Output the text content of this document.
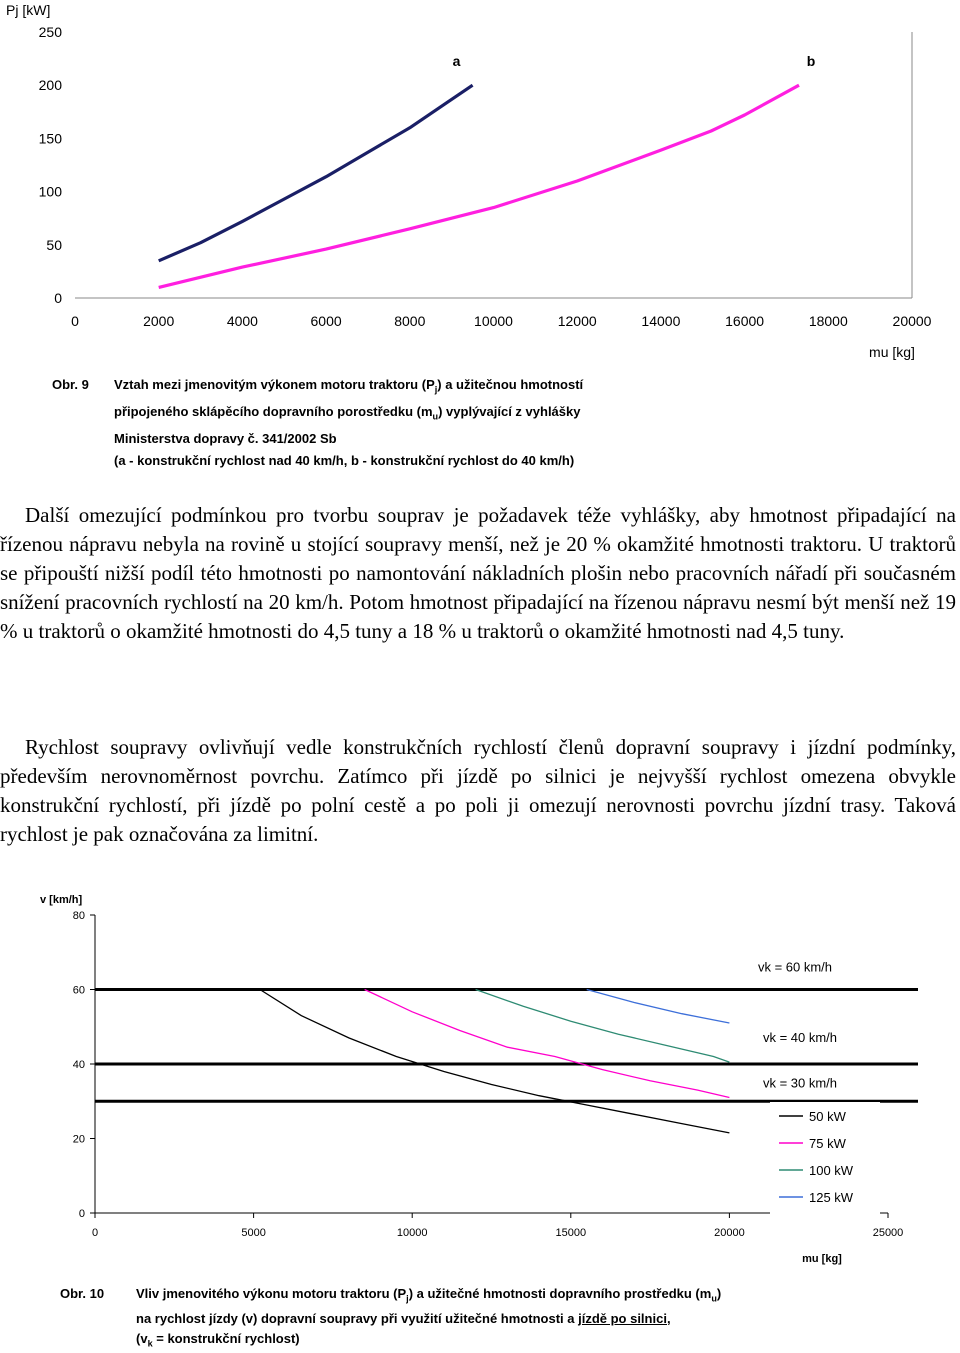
0	2000	4000	6000	8000	10000	12000	14000	16000	18000	20000
0
50
100
150
200
250
Pj [kW]
mu [kg]
a	b
Obr. 9 Vztah mezi jmenovitým výkonem motoru traktoru $(P_j)$ a užitečnou hmotností
připojeného sklápěcího dopravního porostředku $(m_u)$ vyplývající z vyhlášky
Ministerstva dopravy č. 341/2002 Sb
(a - konstrukční rychlost nad 40 km/h, b - konstrukční rychlost do 40 km/h)
Další omezující podmínkou pro tvorbu souprav je požadavek téže vyhlášky, aby hmotnost připadající na řízenou nápravu nebyla na rovině u stojící soupravy menší, než je 20 % okamžité hmotnosti traktoru. U traktorů se připouští nižší podíl této hmotnosti po namontování nákladních plošin nebo pracovních nářadí při současném snížení pracovních rychlostí na 20 km/h. Potom hmotnost připadající na řízenou nápravu nesmí být menší než 19 % u traktorů o okamžité hmotnosti do 4,5 tuny a 18 % u traktorů o okamžité hmotnosti nad 4,5 tuny.
Rychlost soupravy ovlivňují vedle konstrukčních rychlostí členů dopravní soupravy i jízdní podmínky, především nerovnoměrnost povrchu. Zatímco při jízdě po silnici je nejvyšší rychlost omezena obvykle konstrukční rychlostí, při jízdě po polní cestě a po poli ji omezují nerovnosti povrchu jízdní trasy. Taková rychlost je pak označována za limitní.
0	5000	10000	15000	20000	25000
0
20
40
60
80
v [km/h]
mu [kg]
vk = 60 km/h
vk = 40 km/h
vk = 30 km/h
50 kW
75 kW
100 kW
125 kW
Obr. 10 Vliv jmenovitého výkonu motoru traktoru $(P_j)$ a užitečné hmotnosti dopravního prostředku $(m_u)$
na rychlost jízdy (v) dopravní soupravy při využití užitečné hmotnosti a jízdě po silnici,
($v_k$ = konstrukční rychlost)
